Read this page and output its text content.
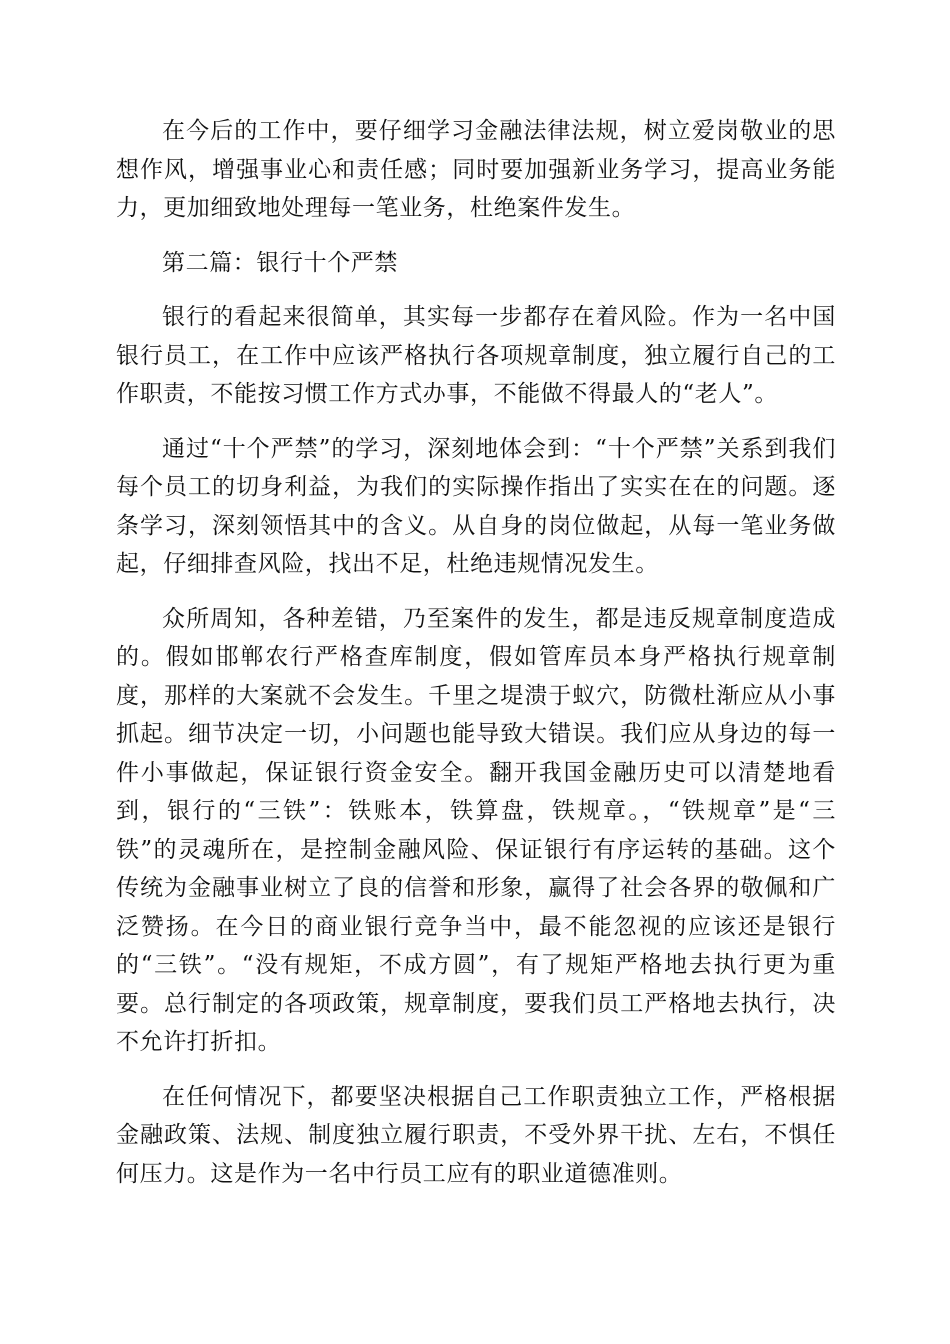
在今后的工作中，要仔细学习金融法律法规，树立爱岗敬业的思想作风，增强事业心和责任感；同时要加强新业务学习，提高业务能力，更加细致地处理每一笔业务，杜绝案件发生。

第二篇：银行十个严禁

银行的看起来很简单，其实每一步都存在着风险。作为一名中国银行员工，在工作中应该严格执行各项规章制度，独立履行自己的工作职责，不能按习惯工作方式办事，不能做不得最人的“老人”。

通过“十个严禁”的学习，深刻地体会到：“十个严禁”关系到我们每个员工的切身利益，为我们的实际操作指出了实实在在的问题。逐条学习，深刻领悟其中的含义。从自身的岗位做起，从每一笔业务做起，仔细排查风险，找出不足，杜绝违规情况发生。

众所周知，各种差错，乃至案件的发生，都是违反规章制度造成的。假如邯郸农行严格查库制度，假如管库员本身严格执行规章制度，那样的大案就不会发生。千里之堤溃于蚁穴，防微杜渐应从小事抓起。细节决定一切，小问题也能导致大错误。我们应从身边的每一件小事做起，保证银行资金安全。翻开我国金融历史可以清楚地看到，银行的“三铁”：铁账本，铁算盘，铁规章。，“铁规章”是“三铁”的灵魂所在，是控制金融风险、保证银行有序运转的基础。这个传统为金融事业树立了良的信誉和形象，赢得了社会各界的敬佩和广泛赞扬。在今日的商业银行竞争当中，最不能忽视的应该还是银行的“三铁”。“没有规矩，不成方圆”，有了规矩严格地去执行更为重要。总行制定的各项政策，规章制度，要我们员工严格地去执行，决不允许打折扣。

在任何情况下，都要坚决根据自己工作职责独立工作，严格根据金融政策、法规、制度独立履行职责，不受外界干扰、左右，不惧任何压力。这是作为一名中行员工应有的职业道德准则。
